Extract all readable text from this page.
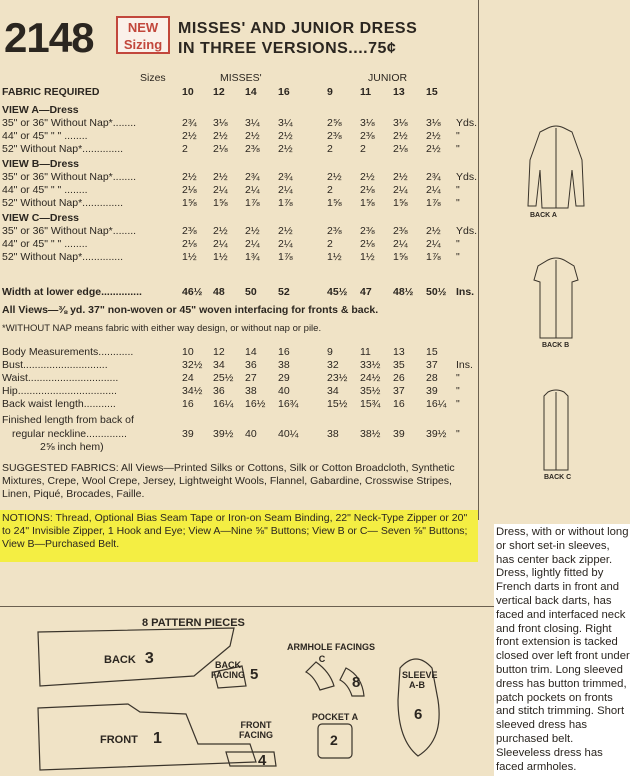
2148	NEW
Sizing
MISSES' AND JUNIOR DRESS
IN THREE VERSIONS....75¢
Sizes	MISSES'	JUNIOR
FABRIC REQUIRED	10 12 14 16	9	11 13 15
VIEW A—Dress
35" or 36" Without Nap*........	2¾ 3⅛ 3¼ 3¼	2⅝ 3⅛ 3⅛ 3⅛ Yds.
44" or 45" " " ........	2½ 2½ 2½ 2½	2⅜ 2⅜ 2½ 2½ "
52" Without Nap*..............	2 2⅛ 2⅜ 2½	2	2	2⅛ 2½ "
VIEW B—Dress
35" or 36" Without Nap*........	2½ 2½ 2¾ 2¾	2½ 2½ 2½ 2¾ Yds.
44" or 45" " " ........	2⅛ 2¼ 2¼ 2¼	2	2⅛ 2¼ 2¼ "
52" Without Nap*..............	1⅝ 1⅝ 1⅞ 1⅞	1⅝ 1⅝ 1⅝ 1⅞ "
VIEW C—Dress
35" or 36" Without Nap*........	2⅜ 2½ 2½ 2½	2⅜ 2⅜ 2⅜ 2½ Yds.
44" or 45" " " ........	2⅛ 2¼ 2¼ 2¼	2	2⅛ 2¼ 2¼ "
52" Without Nap*..............	1½ 1½ 1¾ 1⅞	1½ 1½ 1⅝ 1⅞ "
Width at lower edge..............	46½ 48 50 52	45½ 47 48½ 50½ Ins.
All Views—⅜ yd. 37" non-woven or 45" woven interfacing for fronts & back.
*WITHOUT NAP means fabric with either way design, or without nap or pile.
Body Measurements............	10 12 14 16	9	11 13 15
Bust.............................	32½ 34 36 38	32 33½ 35 37 Ins.
Waist...............................	24 25½ 27 29	23½ 24½ 26 28 "
Hip..................................	34½ 36 38 40	34 35½ 37 39 "
Back waist length...........	16 16¼ 16½ 16¾	15½ 15¾ 16 16¼ "
Finished length from back of
regular neckline..............	39 39½ 40 40¼	38 38½ 39 39½ "
2⅝ inch hem)
SUGGESTED FABRICS: All Views—Printed Silks or Cottons, Silk or Cotton Broadcloth, Synthetic Mixtures, Crepe, Wool Crepe, Jersey, Lightweight Wools, Flannel, Gabardine, Crosswise Stripes, Linen, Piqué, Brocades, Faille.
NOTIONS: Thread, Optional Bias Seam Tape or Iron-on Seam Binding, 22" Neck-Type Zipper or 20" to 24" Invisible Zipper, 1 Hook and Eye; View A—Nine ⅝" Buttons; View B or C— Seven ⅝" Buttons; View B—Purchased Belt.
BACK A
BACK B
BACK C
Dress, with or without long or short set-in sleeves, has center back zipper. Dress, lightly fitted by French darts in front and vertical back darts, has faced and interfaced neck and front closing. Right front extension is tacked closed over left front under button trim. Long sleeved dress has button trimmed, patch pockets on fronts and stitch trimming. Short sleeved dress has purchased belt. Sleeveless dress has faced armholes.
8 PATTERN PIECES
BACK 3	BACK
FACING 5
ARMHOLE FACINGS
C
8	SLEEVE
A-B
6
FRONT 1
FRONT
FACING
4
POCKET A
2
